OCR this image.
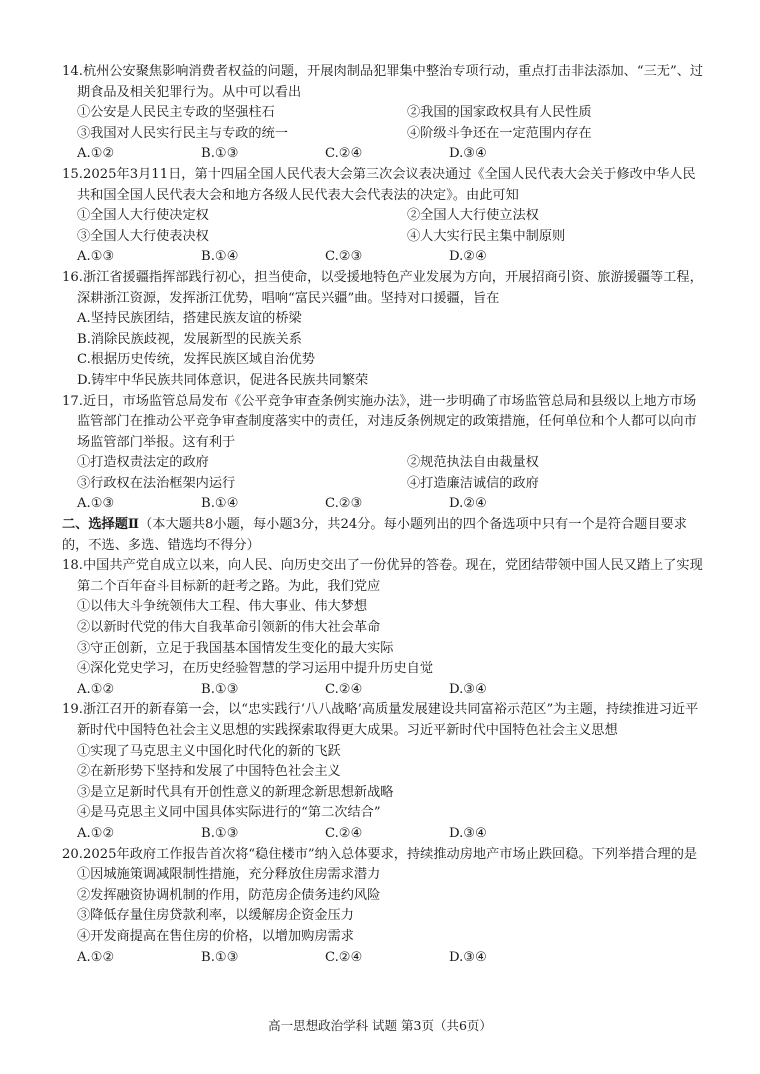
14.杭州公安聚焦影响消费者权益的问题，开展肉制品犯罪集中整治专项行动，重点打击非法添加、“三无”、过期食品及相关犯罪行为。从中可以看出
①公安是人民民主专政的坚强柱石	②我国的国家政权具有人民性质
③我国对人民实行民主与专政的统一	④阶级斗争还在一定范围内存在
A.①②	B.①③	C.②④	D.③④
15.2025年3月11日，第十四届全国人民代表大会第三次会议表决通过《全国人民代表大会关于修改中华人民共和国全国人民代表大会和地方各级人民代表大会代表法的决定》。由此可知
①全国人大行使决定权	②全国人大行使立法权
③全国人大行使表决权	④人大实行民主集中制原则
A.①③	B.①④	C.②③	D.②④
16.浙江省援疆指挥部践行初心，担当使命，以受援地特色产业发展为方向，开展招商引资、旅游援疆等工程，深耕浙江资源，发挥浙江优势，唱响“富民兴疆”曲。坚持对口援疆，旨在
A.坚持民族团结，搭建民族友谊的桥梁
B.消除民族歧视，发展新型的民族关系
C.根据历史传统，发挥民族区域自治优势
D.铸牢中华民族共同体意识，促进各民族共同繁荣
17.近日，市场监管总局发布《公平竞争审查条例实施办法》，进一步明确了市场监管总局和县级以上地方市场监管部门在推动公平竞争审查制度落实中的责任，对违反条例规定的政策措施，任何单位和个人都可以向市场监管部门举报。这有利于
①打造权责法定的政府	②规范执法自由裁量权
③行政权在法治框架内运行	④打造廉洁诚信的政府
A.①③	B.①④	C.②③	D.②④
二、选择题Ⅱ（本大题共8小题，每小题3分，共24分。每小题列出的四个备选项中只有一个是符合题目要求的，不选、多选、错选均不得分）
18.中国共产党自成立以来，向人民、向历史交出了一份优异的答卷。现在，党团结带领中国人民又踏上了实现第二个百年奋斗目标新的赶考之路。为此，我们党应
①以伟大斗争统领伟大工程、伟大事业、伟大梦想
②以新时代党的伟大自我革命引领新的伟大社会革命
③守正创新，立足于我国基本国情发生变化的最大实际
④深化党史学习，在历史经验智慧的学习运用中提升历史自觉
A.①②	B.①③	C.②④	D.③④
19.浙江召开的新春第一会，以“忠实践行‘八八战略’高质量发展建设共同富裕示范区”为主题，持续推进习近平新时代中国特色社会主义思想的实践探索取得更大成果。习近平新时代中国特色社会主义思想
①实现了马克思主义中国化时代化的新的飞跃
②在新形势下坚持和发展了中国特色社会主义
③是立足新时代具有开创性意义的新理念新思想新战略
④是马克思主义同中国具体实际进行的“第二次结合”
A.①②	B.①③	C.②④	D.③④
20.2025年政府工作报告首次将“稳住楼市”纳入总体要求，持续推动房地产市场止跌回稳。下列举措合理的是
①因城施策调减限制性措施，充分释放住房需求潜力
②发挥融资协调机制的作用，防范房企债务违约风险
③降低存量住房贷款利率，以缓解房企资金压力
④开发商提高在售住房的价格，以增加购房需求
A.①②	B.①③	C.②④	D.③④
高一思想政治学科 试题 第3页（共6页）
